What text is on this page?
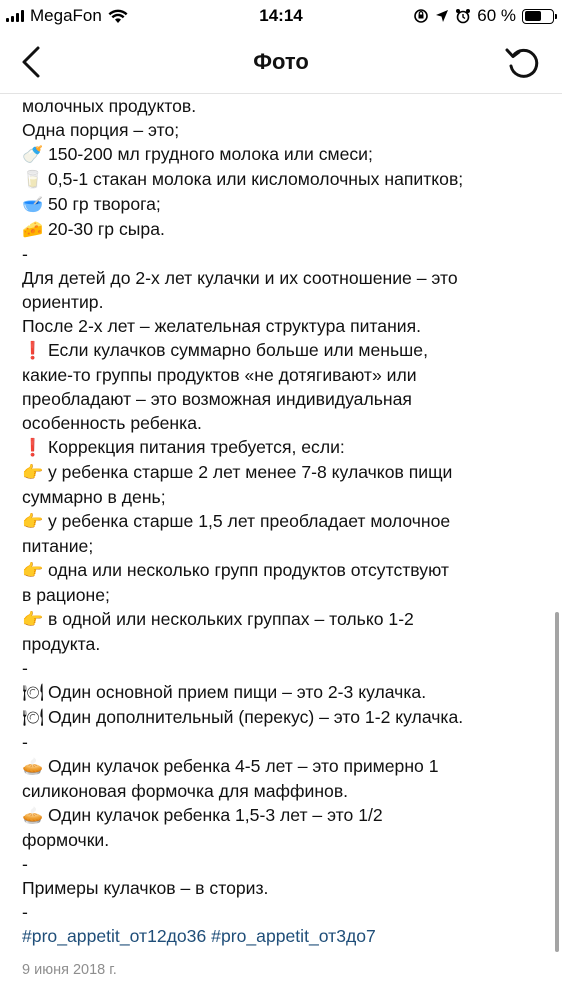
MegaFon	14:14	60 %
Фото
молочных продуктов.
Одна порция – это;
🍼 150-200 мл грудного молока или смеси;
🥛 0,5-1 стакан молока или кисломолочных напитков;
🥣 50 гр творога;
🧀 20-30 гр сыра.
-
Для детей до 2-х лет кулачки и их соотношение – это
ориентир.
После 2-х лет – желательная структура питания.
❗ Если кулачков суммарно больше или меньше,
какие-то группы продуктов «не дотягивают» или
преобладают – это возможная индивидуальная
особенность ребенка.
❗ Коррекция питания требуется, если:
👉 у ребенка старше 2 лет менее 7-8 кулачков пищи
суммарно в день;
👉 у ребенка старше 1,5 лет преобладает молочное
питание;
👉 одна или несколько групп продуктов отсутствуют
в рационе;
👉 в одной или нескольких группах – только 1-2
продукта.
-
🍽 Один основной прием пищи – это 2-3 кулачка.
🍽 Один дополнительный (перекус) – это 1-2 кулачка.
-
🥧 Один кулачок ребенка 4-5 лет – это примерно 1
силиконовая формочка для маффинов.
🥧 Один кулачок ребенка 1,5-3 лет – это 1/2
формочки.
-
Примеры кулачков – в сториз.
-
#pro_appetit_от12до36 #pro_appetit_от3до7
9 июня 2018 г.
